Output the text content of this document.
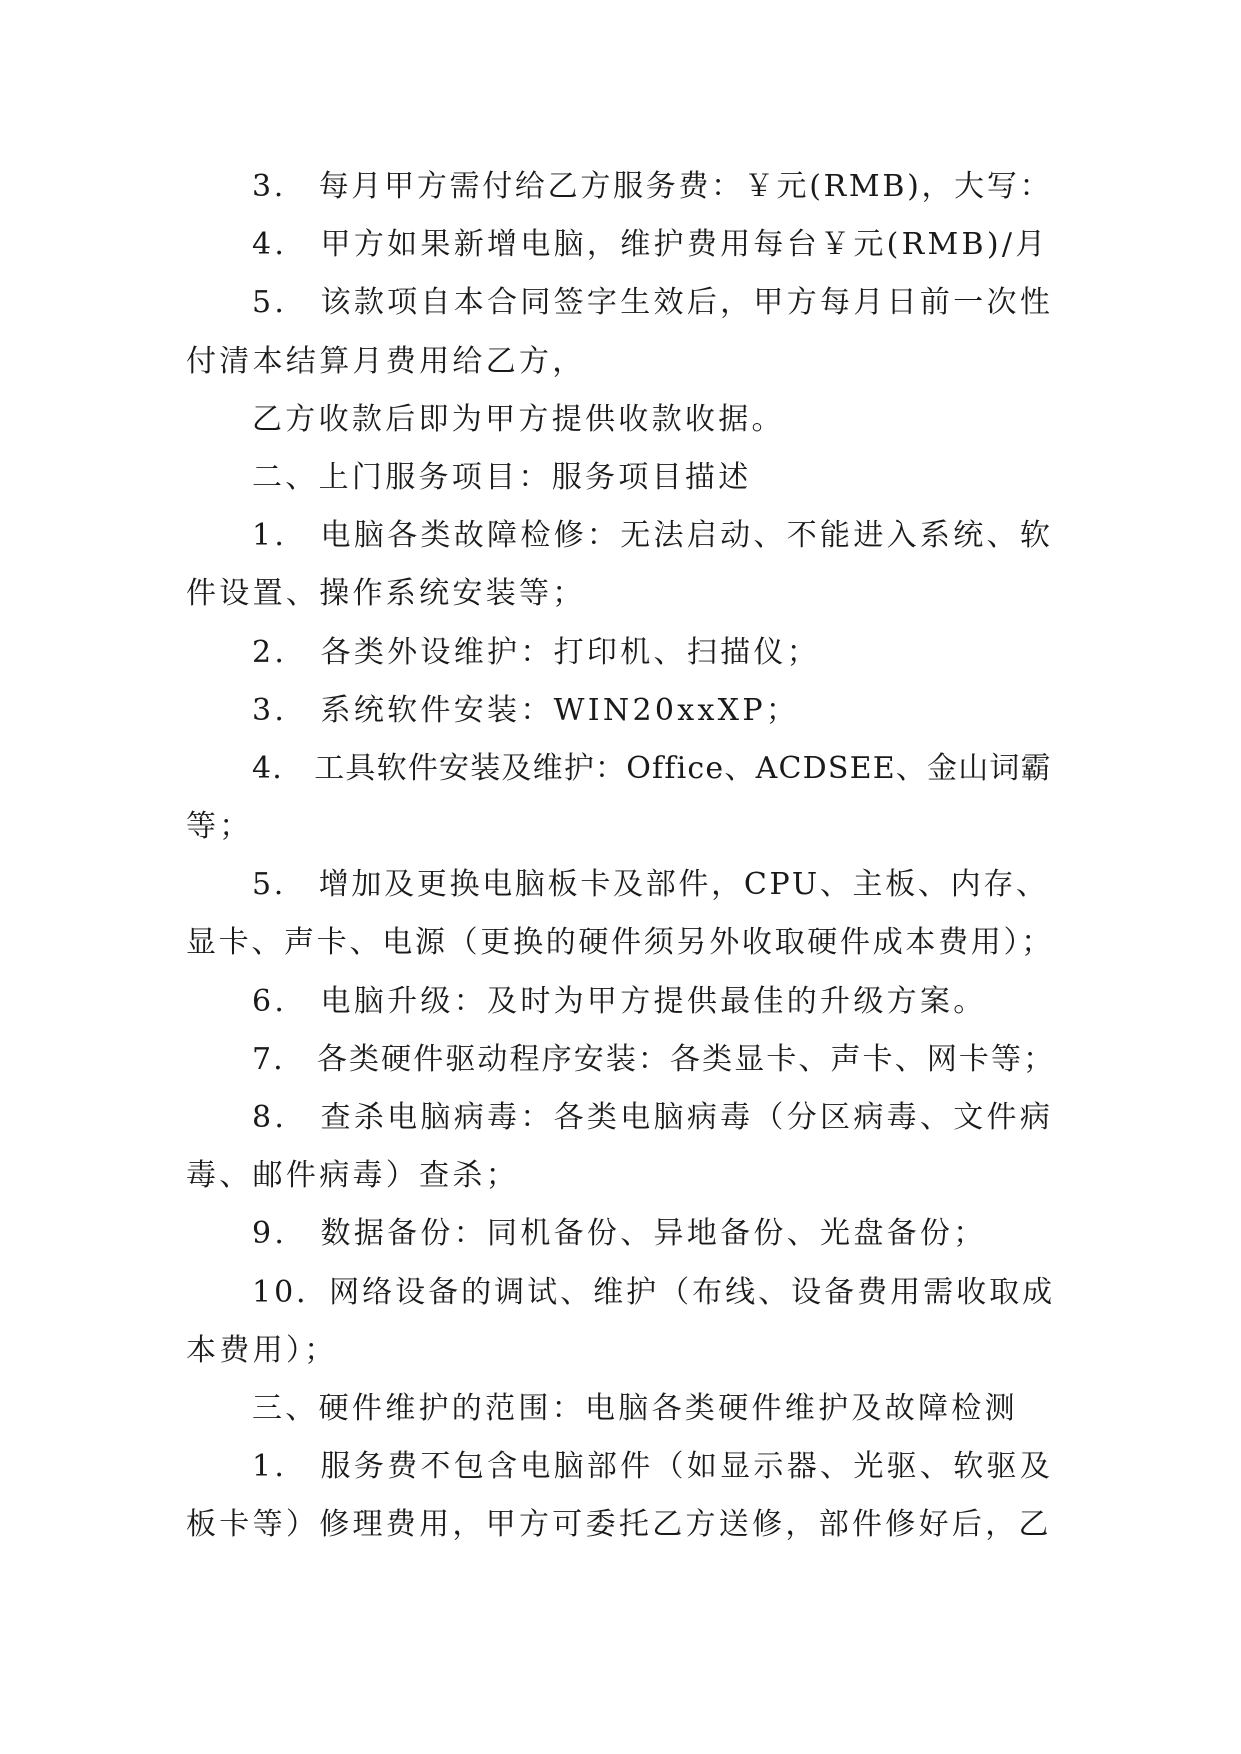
3.　每月甲方需付给乙方服务费：￥元(RMB)，大写：
4.　甲方如果新增电脑，维护费用每台￥元(RMB)/月
5.　该款项自本合同签字生效后，甲方每月日前一次性
付清本结算月费用给乙方，
乙方收款后即为甲方提供收款收据。
二、上门服务项目：服务项目描述
1.　电脑各类故障检修：无法启动、不能进入系统、软
件设置、操作系统安装等；
2.　各类外设维护：打印机、扫描仪；
3.　系统软件安装：WIN20xxXP；
4.　工具软件安装及维护：Office、ACDSEE、金山词霸
等；
5.　增加及更换电脑板卡及部件，CPU、主板、内存、
显卡、声卡、电源（更换的硬件须另外收取硬件成本费用）；
6.　电脑升级：及时为甲方提供最佳的升级方案。
7.　各类硬件驱动程序安装：各类显卡、声卡、网卡等；
8.　查杀电脑病毒：各类电脑病毒（分区病毒、文件病
毒、邮件病毒）查杀；
9.　数据备份：同机备份、异地备份、光盘备份；
10．网络设备的调试、维护（布线、设备费用需收取成
本费用）；
三、硬件维护的范围：电脑各类硬件维护及故障检测
1.　服务费不包含电脑部件（如显示器、光驱、软驱及
板卡等）修理费用，甲方可委托乙方送修，部件修好后，乙
